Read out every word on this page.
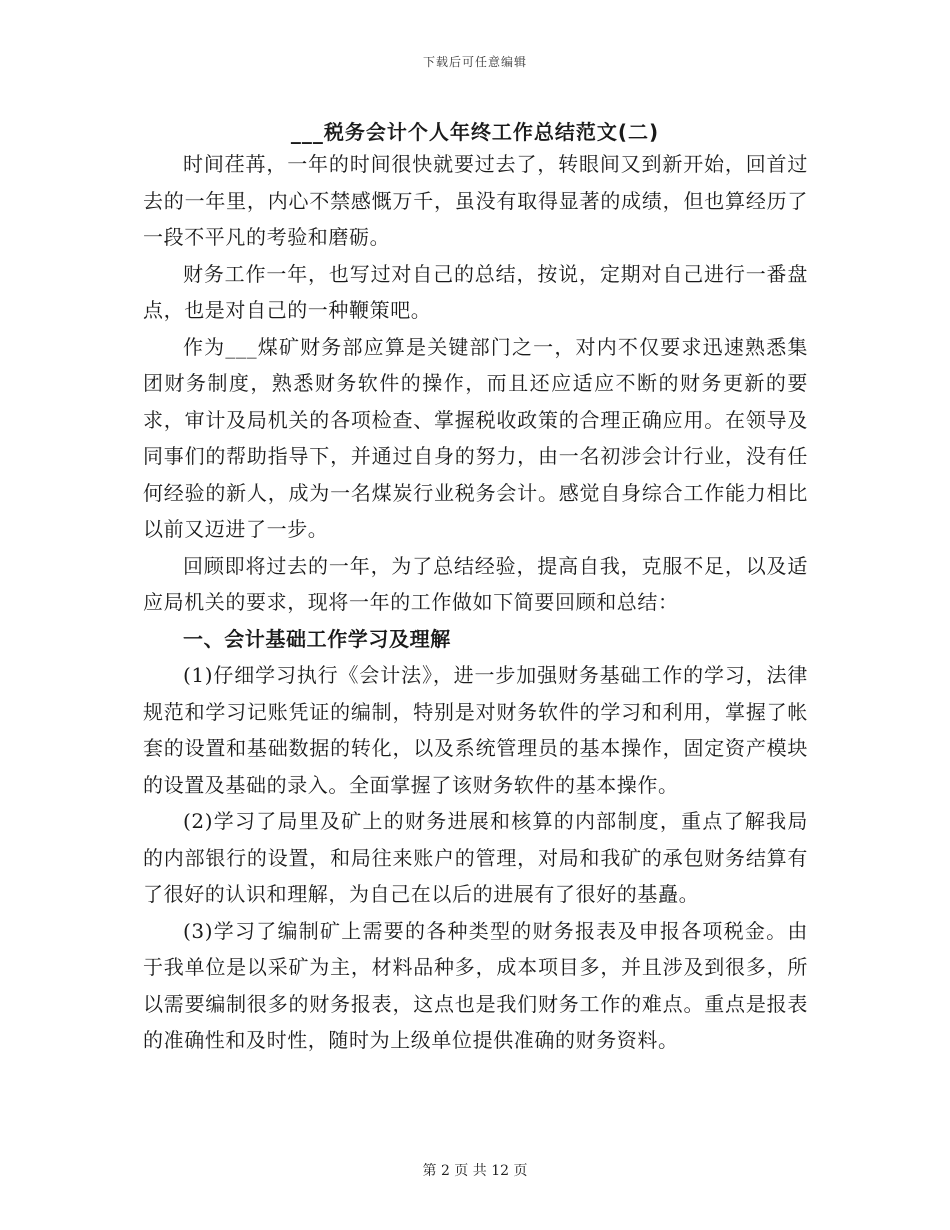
下载后可任意编辑
___税务会计个人年终工作总结范文(二)

时间荏苒，一年的时间很快就要过去了，转眼间又到新开始，回首过去的一年里，内心不禁感慨万千，虽没有取得显著的成绩，但也算经历了一段不平凡的考验和磨砺。

财务工作一年，也写过对自己的总结，按说，定期对自己进行一番盘点，也是对自己的一种鞭策吧。

作为___煤矿财务部应算是关键部门之一，对内不仅要求迅速熟悉集团财务制度，熟悉财务软件的操作，而且还应适应不断的财务更新的要求，审计及局机关的各项检查、掌握税收政策的合理正确应用。在领导及同事们的帮助指导下，并通过自身的努力，由一名初涉会计行业，没有任何经验的新人，成为一名煤炭行业税务会计。感觉自身综合工作能力相比以前又迈进了一步。

回顾即将过去的一年，为了总结经验，提高自我，克服不足，以及适应局机关的要求，现将一年的工作做如下简要回顾和总结：

一、会计基础工作学习及理解

(1)仔细学习执行《会计法》，进一步加强财务基础工作的学习，法律规范和学习记账凭证的编制，特别是对财务软件的学习和利用，掌握了帐套的设置和基础数据的转化，以及系统管理员的基本操作，固定资产模块的设置及基础的录入。全面掌握了该财务软件的基本操作。

(2)学习了局里及矿上的财务进展和核算的内部制度，重点了解我局的内部银行的设置，和局往来账户的管理，对局和我矿的承包财务结算有了很好的认识和理解，为自己在以后的进展有了很好的基矗。

(3)学习了编制矿上需要的各种类型的财务报表及申报各项税金。由于我单位是以采矿为主，材料品种多，成本项目多，并且涉及到很多，所以需要编制很多的财务报表，这点也是我们财务工作的难点。重点是报表的准确性和及时性，随时为上级单位提供准确的财务资料。

第 2 页 共 12 页
